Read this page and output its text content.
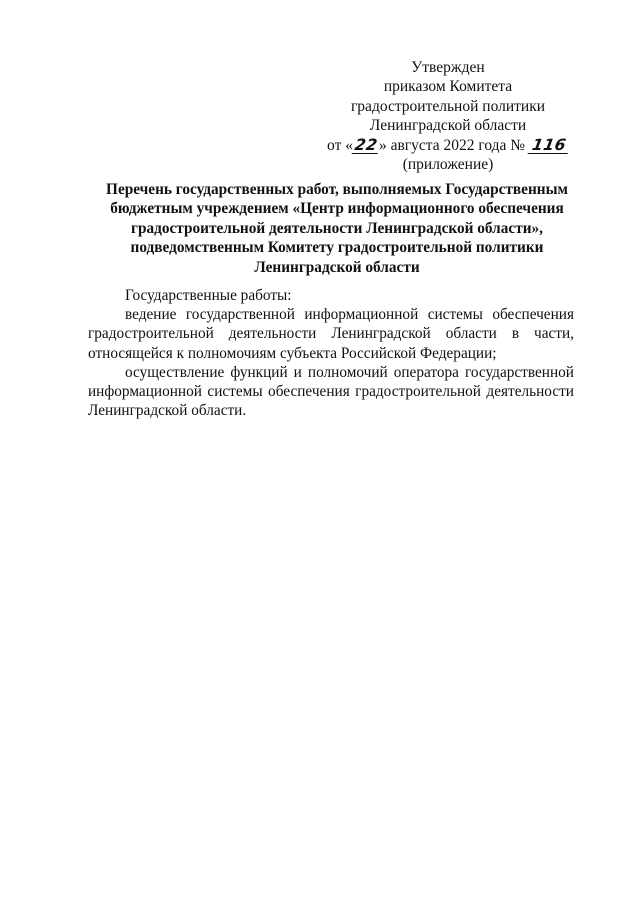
Утвержден
приказом Комитета
градостроительной политики
Ленинградской области
от «22» августа 2022 года № 116
(приложение)
Перечень государственных работ, выполняемых Государственным бюджетным учреждением «Центр информационного обеспечения градостроительной деятельности Ленинградской области», подведомственным Комитету градостроительной политики Ленинградской области

Государственные работы:

ведение государственной информационной системы обеспечения градостроительной деятельности Ленинградской области в части, относящейся к полномочиям субъекта Российской Федерации;

осуществление функций и полномочий оператора государственной информационной системы обеспечения градостроительной деятельности Ленинградской области.
